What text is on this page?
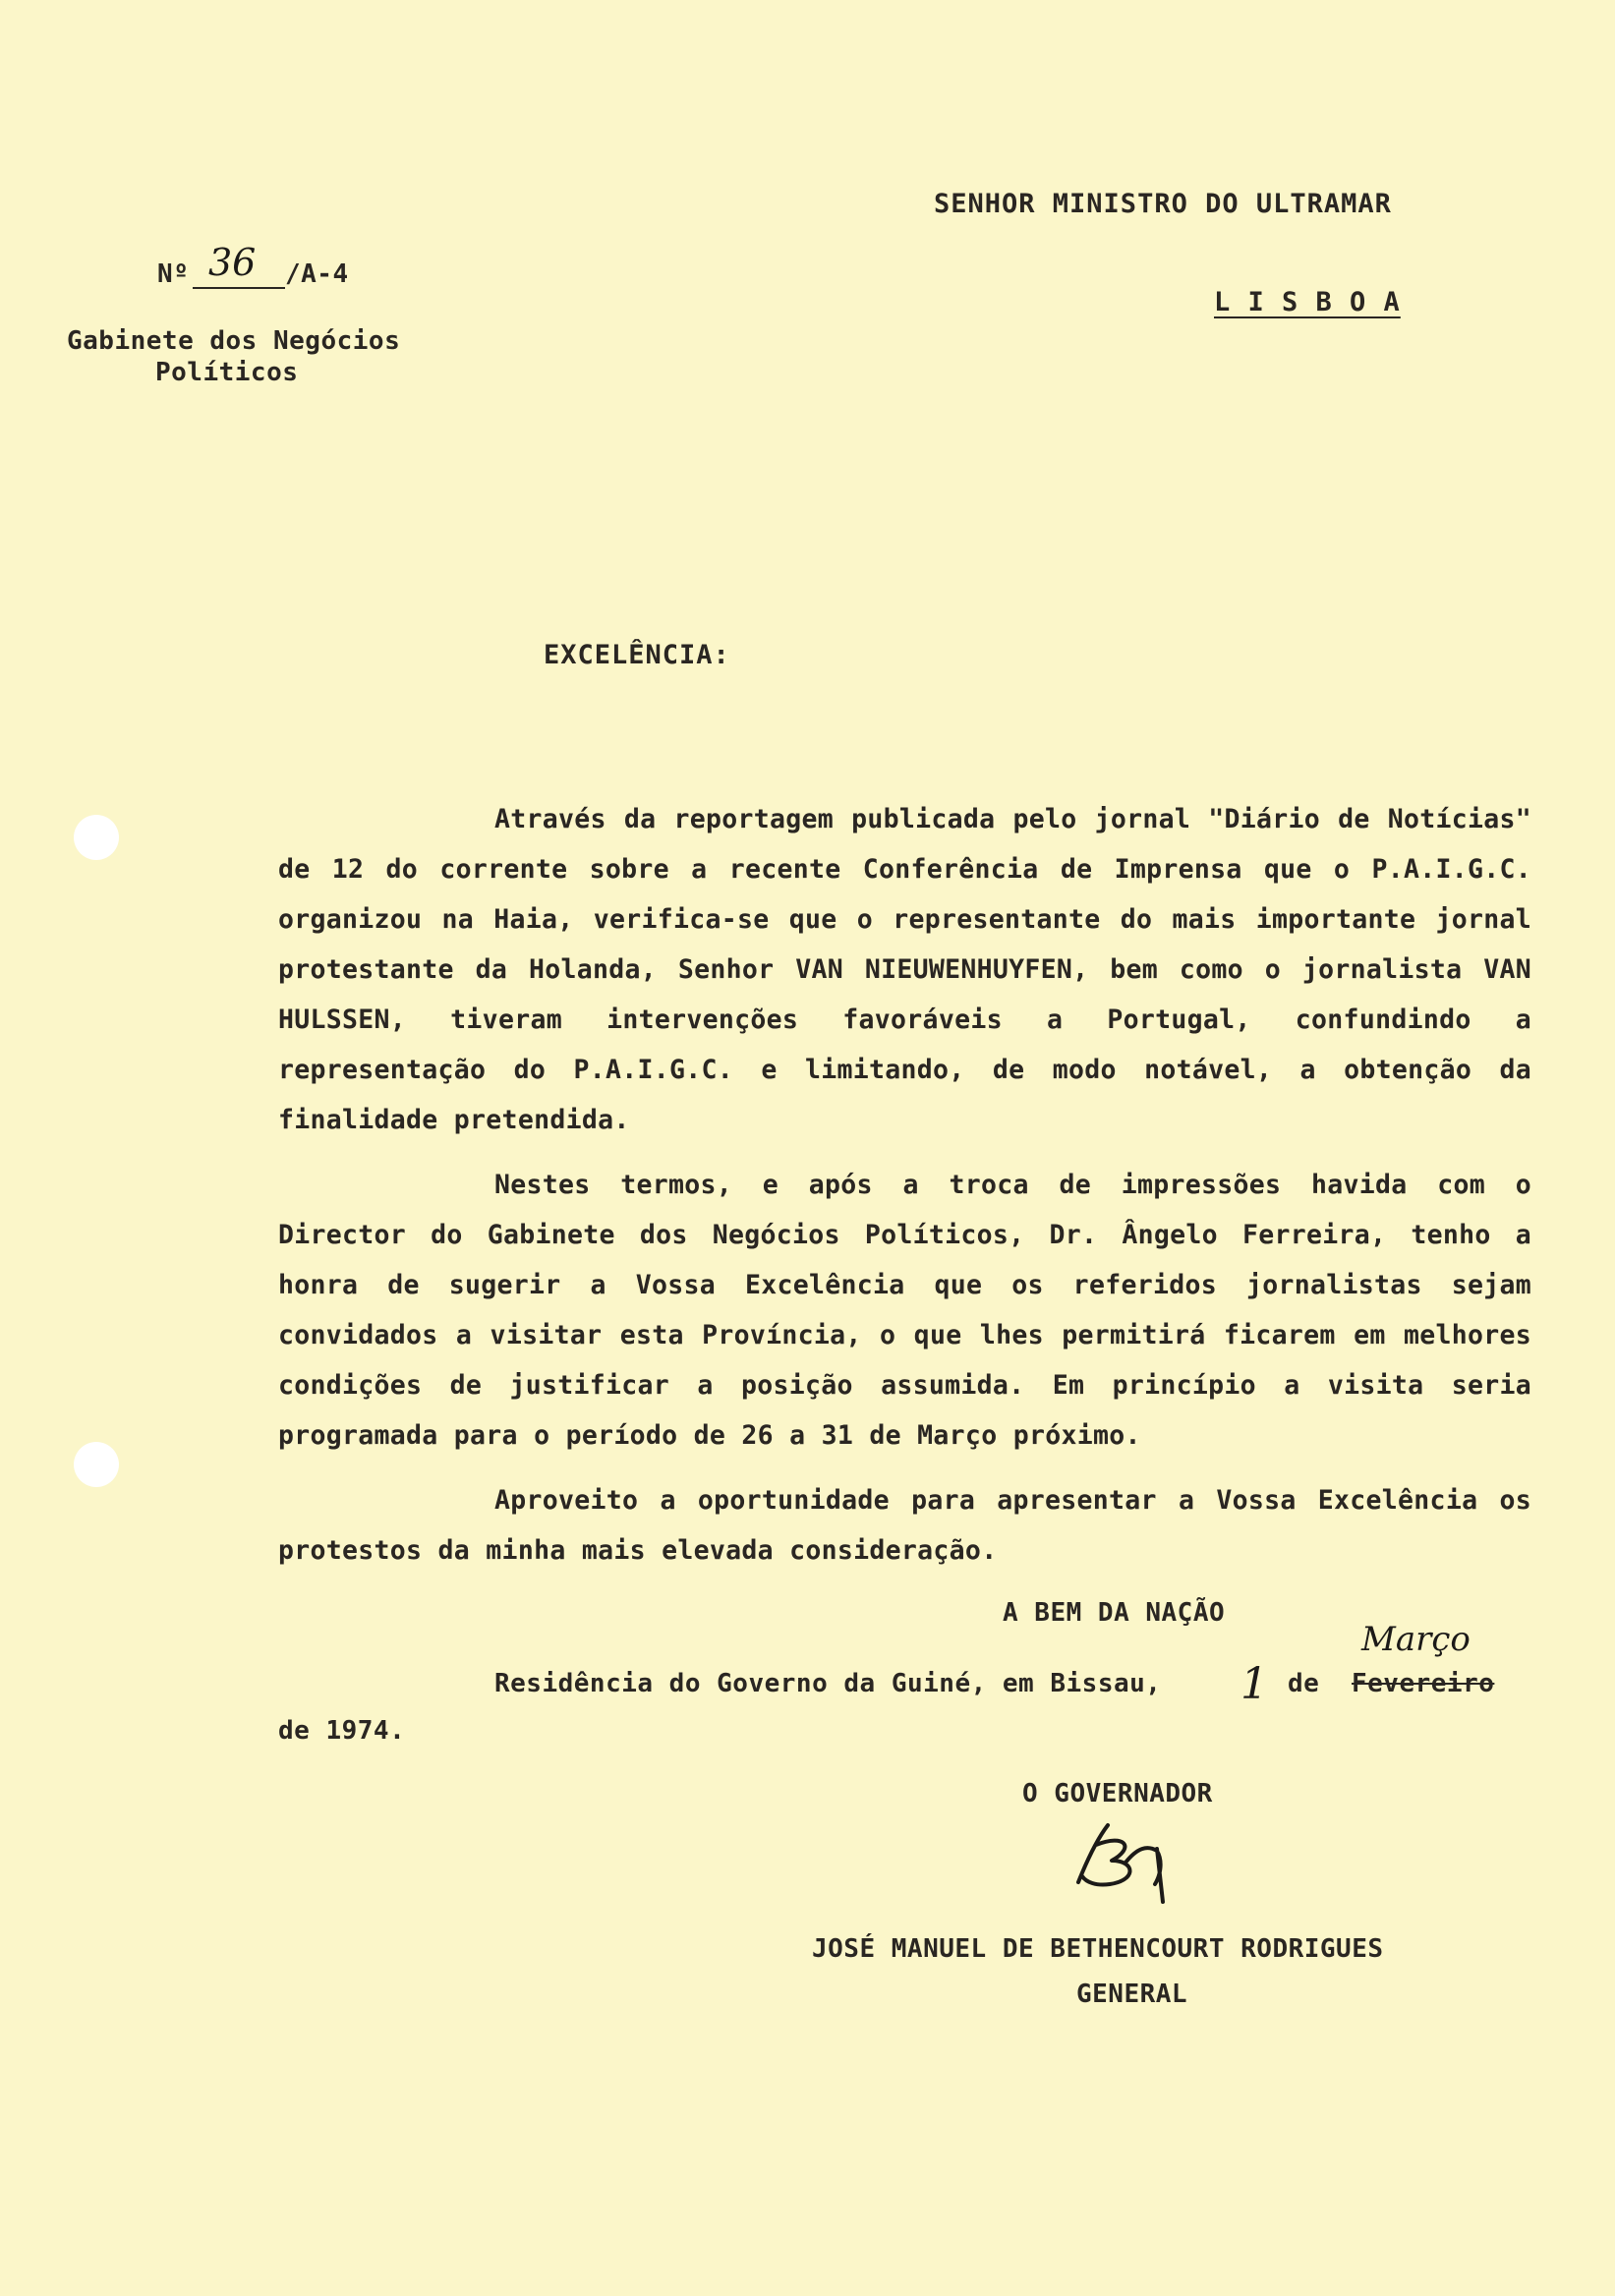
SENHOR MINISTRO DO ULTRAMAR
L I S B O A
Nº 36 /A-4
Gabinete dos Negócios
Políticos
EXCELÊNCIA:

Através da reportagem publicada pelo jornal "Diário de Notícias" de 12 do corrente sobre a recente Conferência de Imprensa que o P.A.I.G.C. organizou na Haia, verifica-se que o representante do mais importante jornal protestante da Holanda, Senhor VAN NIEUWENHUYFEN, bem como o jornalista VAN HULSSEN, tiveram intervenções favoráveis a Portugal, confundindo a representação do P.A.I.G.C. e limitando, de modo notável, a obtenção da finalidade pretendida.

Nestes termos, e após a troca de impressões havida com o Director do Gabinete dos Negócios Políticos, Dr. Ângelo Ferreira, tenho a honra de sugerir a Vossa Excelência que os referidos jornalistas sejam convidados a visitar esta Província, o que lhes permitirá ficarem em melhores condições de justificar a posição assumida. Em princípio a visita seria programada para o período de 26 a 31 de Março próximo.

Aproveito a oportunidade para apresentar a Vossa Excelência os protestos da minha mais elevada consideração.

A BEM DA NAÇÃO
Residência do Governo da Guiné, em Bissau, 1 de Fevereiro
Março
de 1974.
O GOVERNADOR
JOSÉ MANUEL DE BETHENCOURT RODRIGUES
GENERAL
